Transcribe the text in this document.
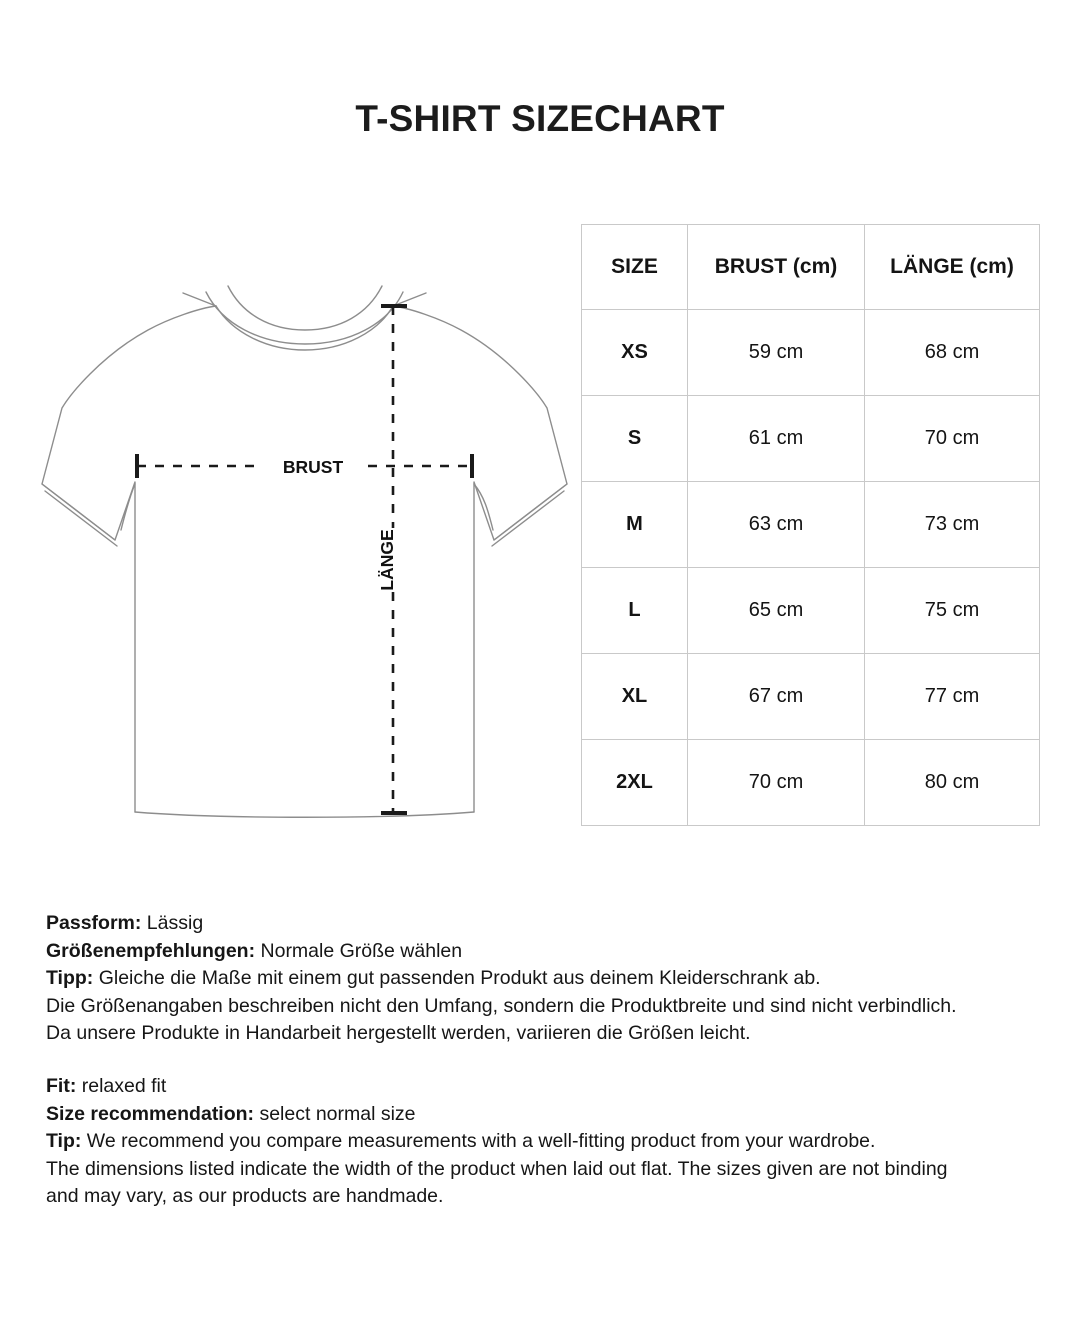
T-SHIRT SIZECHART
BRUST
LÄNGE
SIZE	BRUST (cm)	LÄNGE (cm)
XS	59 cm	68 cm
S	61 cm	70 cm
M	63 cm	73 cm
L	65 cm	75 cm
XL	67 cm	77 cm
2XL	70 cm	80 cm
Passform: Lässig
Größenempfehlungen: Normale Größe wählen
Tipp: Gleiche die Maße mit einem gut passenden Produkt aus deinem Kleiderschrank ab.
Die Größenangaben beschreiben nicht den Umfang, sondern die Produktbreite und sind nicht verbindlich.
Da unsere Produkte in Handarbeit hergestellt werden, variieren die Größen leicht.
Fit: relaxed fit
Size recommendation: select normal size
Tip: We recommend you compare measurements with a well-fitting product from your wardrobe.
The dimensions listed indicate the width of the product when laid out flat. The sizes given are not binding
and may vary, as our products are handmade.
